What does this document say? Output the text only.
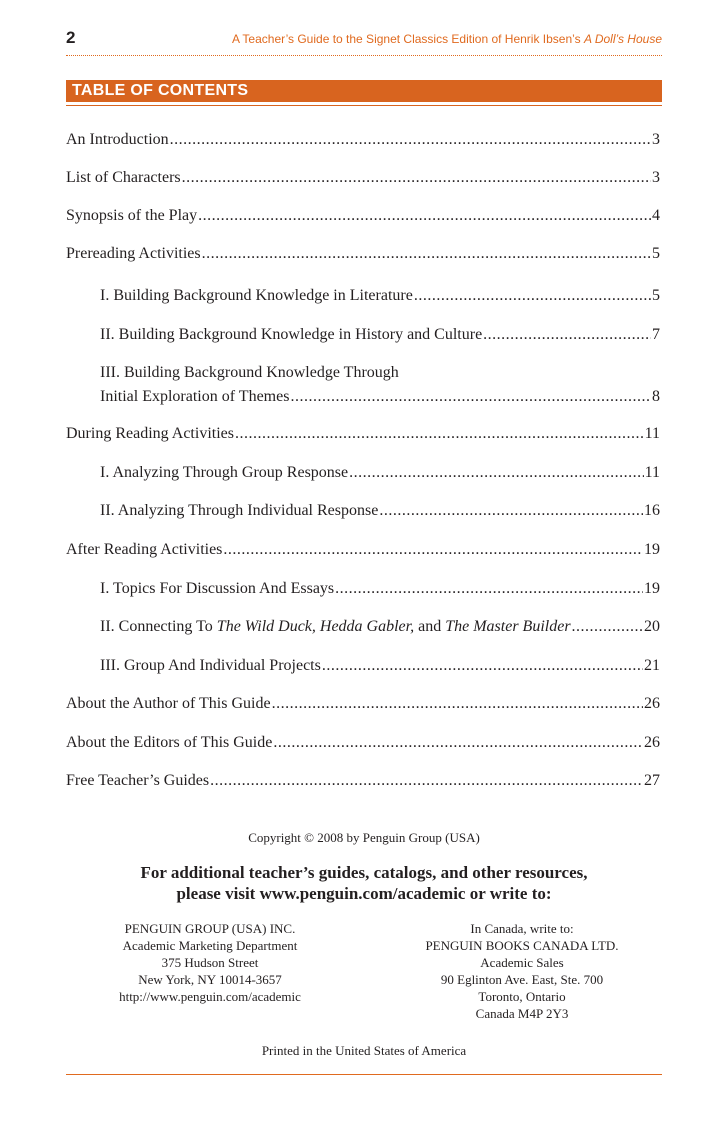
2	A Teacher’s Guide to the Signet Classics Edition of Henrik Ibsen’s A Doll’s House
TABLE OF CONTENTS
An Introduction .....	3
List of Characters .....	3
Synopsis of the Play .....	4
Prereading Activities .....	5
I. Building Background Knowledge in Literature .....	5
II. Building Background Knowledge in History and Culture .....	7
III. Building Background Knowledge Through
Initial Exploration of Themes .....	8
During Reading Activities .....	11
I. Analyzing Through Group Response .....	11
II. Analyzing Through Individual Response .....	16
After Reading Activities .....	19
I. Topics For Discussion And Essays .....	19
II. Connecting To The Wild Duck, Hedda Gabler, and The Master Builder .....	20
III. Group And Individual Projects .....	21
About the Author of This Guide .....	26
About the Editors of This Guide .....	26
Free Teacher’s Guides .....	27
Copyright © 2008 by Penguin Group (USA)
For additional teacher’s guides, catalogs, and other resources,
please visit www.penguin.com/academic or write to:
PENGUIN GROUP (USA) INC.
Academic Marketing Department
375 Hudson Street
New York, NY 10014-3657
http://www.penguin.com/academic
In Canada, write to:
PENGUIN BOOKS CANADA LTD.
Academic Sales
90 Eglinton Ave. East, Ste. 700
Toronto, Ontario
Canada M4P 2Y3
Printed in the United States of America
